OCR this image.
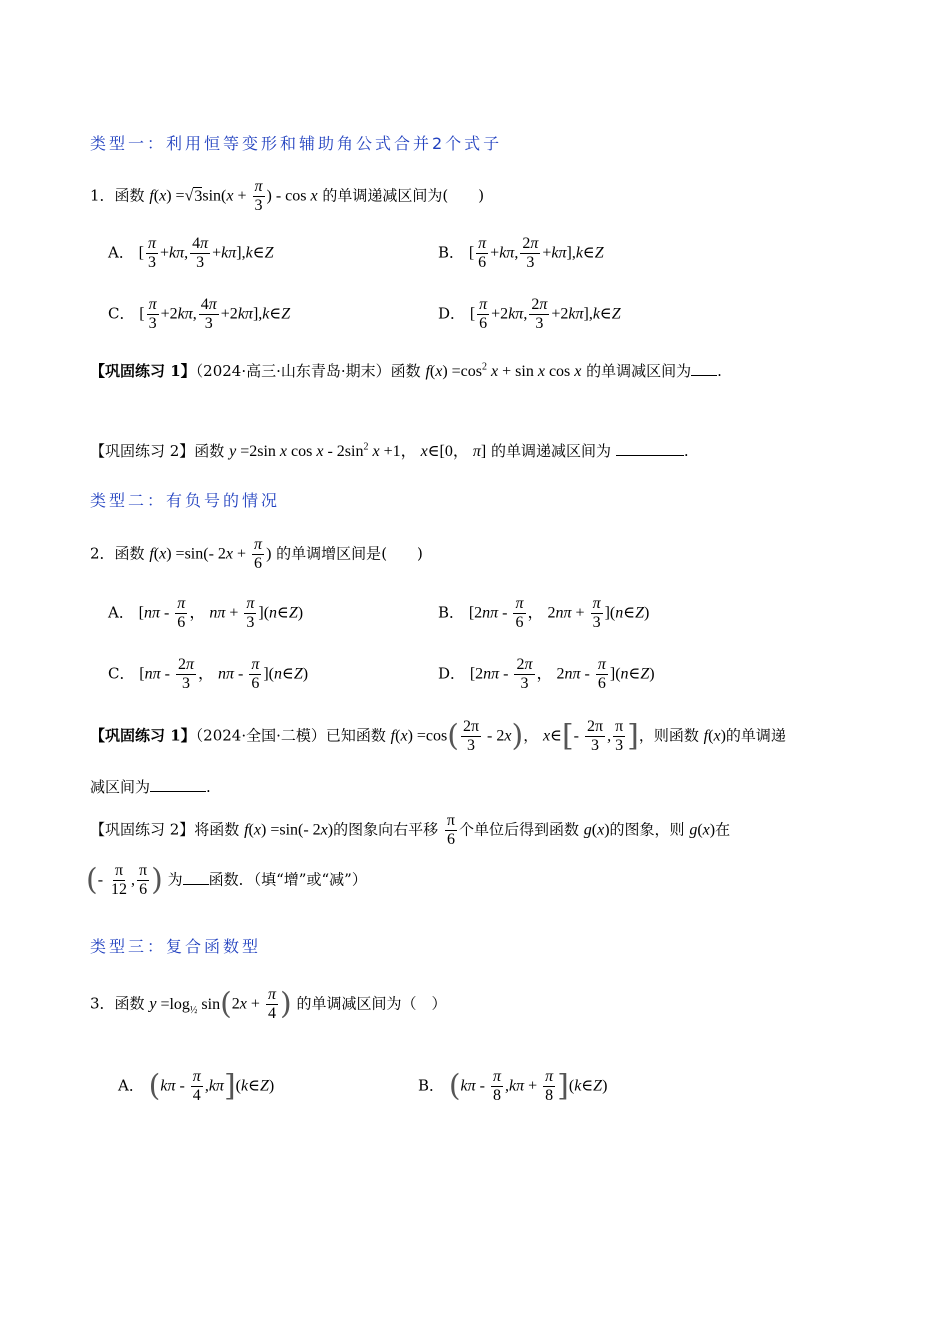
类型一：利用恒等变形和辅助角公式合并2个式子
1．函数 $f(x) =√3\sin(x + \frac{\pi}{3}$ ) - cos x 的单调递减区间为(　　)
A． [ $\frac{\pi}{3} +k\pi$, $\frac{4\pi}{3}$ +kπ],k∈Z	B． [ $\frac{\pi}{6} +k\pi$, $\frac{2\pi}{3}$ +kπ],k∈Z
C． [ $\frac{\pi}{3} +2k\pi$, $\frac{4\pi}{3}$ +2kπ],k∈Z	D． [ $\frac{\pi}{6} +2k\pi$, $\frac{2\pi}{3}$ +2kπ],k∈Z
【巩固练习 1】（2024·高三·山东青岛·期末）函数 $f(x) =\cos^2$ x + sin x cos x 的单调减区间为 .
【巩固练习 2】函数 y =2sin x cos x - $2\sin^2$ x +1， x∈[0， π] 的单调递减区间为	.
类型二：有负号的情况
2．函数 f(x) =sin(- $2x + \frac{\pi}{6}$ ) 的单调增区间是(　　)
A． [$n\pi - \frac{\pi}{6}$ ， $n\pi + \frac{\pi}{3}$ ](n∈Z)	B． [$2n\pi - \frac{\pi}{6}$ ， $2n\pi + \frac{\pi}{3}$ ](n∈Z)
C． [$n\pi - \frac{2\pi}{3}$ ， nπ - $\frac{\pi}{6}$ ](n∈Z)	D． [$2n\pi - \frac{2\pi}{3}$ ， $2n\pi - \frac{\pi}{6}$ ](n∈Z)
【巩固练习 1】（2024·全国·二模）已知函数 $f(x) =\cos( \frac{2\pi}{3} - 2x)$， x∈[- $\frac{2\pi}{3}$ , $\frac{\pi}{3}$ ]，则函数 f(x)的单调递
减区间为	.
【巩固练习 2】将函数 f(x) =sin(- 2x)的图象向右平移 $\frac{\pi}{6}$ 个单位后得到函数 g(x)的图象，则 g(x)在
(- $\frac{\pi}{12}$ , $\frac{\pi}{6}$ ) 为 函数．（填“增”或“减”）
类型三：复合函数型
3．函数 $y =\log_{\frac{1}{2}}$ $\sin(2x + \frac{\pi}{4}$ ) 的单调减区间为（　）
A． ($k\pi - \frac{\pi}{4}$ ,kπ](k∈Z)	B． ($k\pi - \frac{\pi}{8} ,k\pi + \frac{\pi}{8}$ ](k∈Z)
